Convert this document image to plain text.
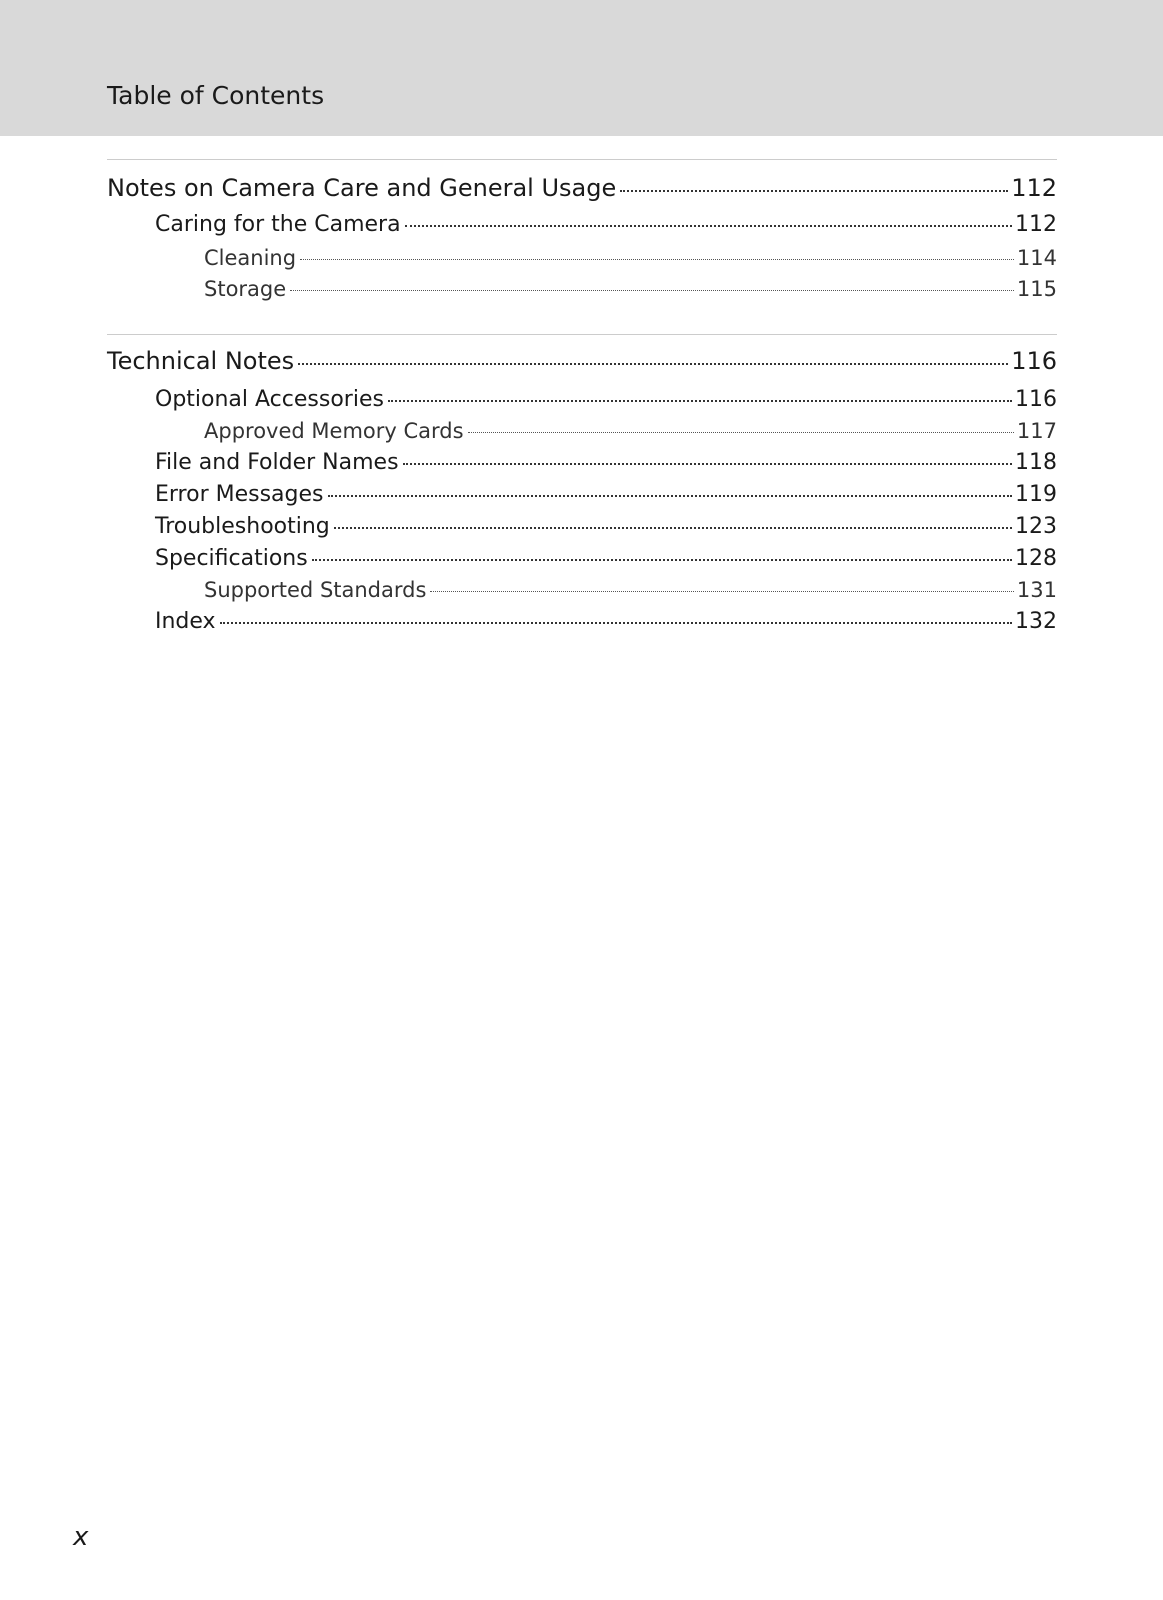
Table of Contents
Notes on Camera Care and General Usage	112
Caring for the Camera	112
Cleaning	114
Storage	115
Technical Notes	116
Optional Accessories	116
Approved Memory Cards	117
File and Folder Names	118
Error Messages	119
Troubleshooting	123
Specifications	128
Supported Standards	131
Index	132
x
